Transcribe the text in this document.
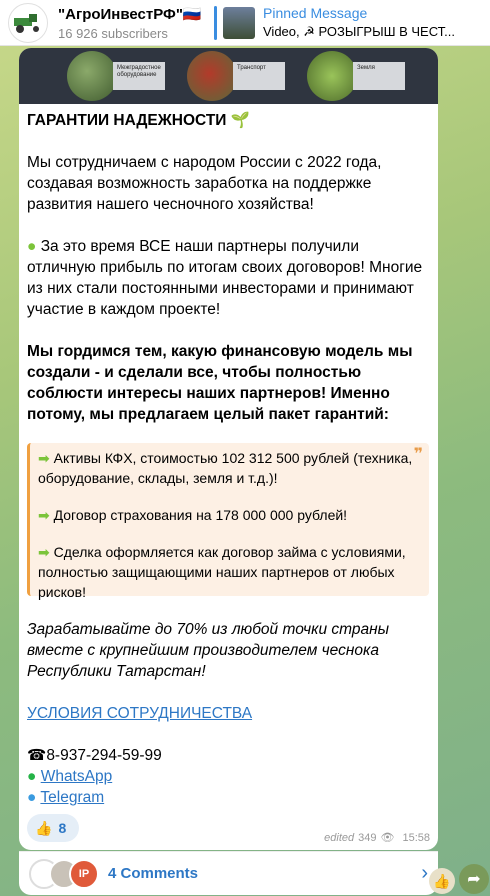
"АгроИнвестРФ"🇷🇺
16 926 subscribers
Pinned Message
Video, ☭ РОЗЫГРЫШ В ЧЕСТ...
Межградостное оборудование
Транспорт	Земля

ГАРАНТИИ НАДЕЖНОСТИ 🌱

Мы сотрудничаем с народом России с 2022 года, создавая возможность заработка на поддержке развития нашего чесночного хозяйства!

● За это время ВСЕ наши партнеры получили отличную прибыль по итогам своих договоров! Многие из них стали постоянными инвесторами и принимают участие в каждом проекте!

Мы гордимся тем, какую финансовую модель мы создали - и сделали все, чтобы полностью соблюсти интересы наших партнеров! Именно потому, мы предлагаем целый пакет гарантий:

❞

➡ Активы КФХ, стоимостью 102 312 500 рублей (техника, оборудование, склады, земля и т.д.)!

➡ Договор страхования на 178 000 000 рублей!

➡ Сделка оформляется как договор займа с условиями, полностью защищающими наших партнеров от любых рисков!

Зарабатывайте до 70% из любой точки страны вместе с крупнейшим производителем чеснока Республики Татарстан!

УСЛОВИЯ СОТРУДНИЧЕСТВА

☎8-937-294-59-99

● WhatsApp

● Telegram

👍 8
edited 349 👁 15:58
IP	4 Comments	› 👍 ➦
